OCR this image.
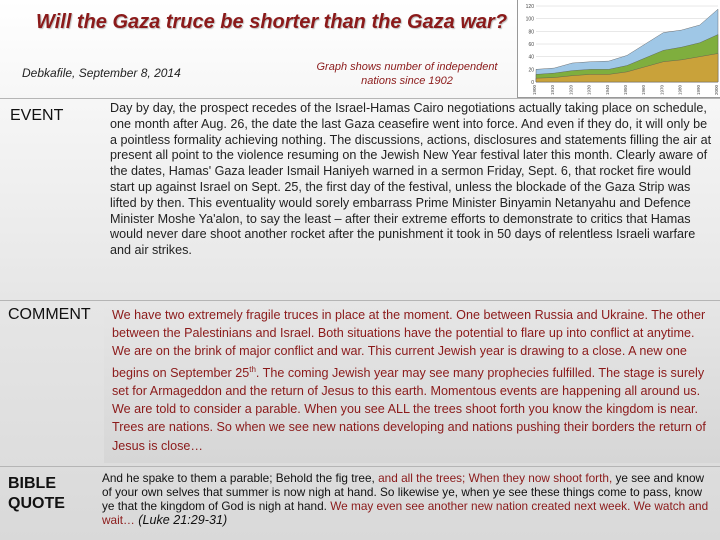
Will the Gaza truce be shorter than the Gaza war?
Debkafile, September 8, 2014	Graph shows number of independent nations since 1902	0
20
40
60
80
100
120
1900	1910	1920	1930	1940	1950	1960	1970	1980	1990	2000
EVENT	Day by day, the prospect recedes of the Israel-Hamas Cairo negotiations actually taking place on schedule, one month after Aug. 26, the date the last Gaza ceasefire went into force. And even if they do, it will only be a pointless formality achieving nothing. The discussions, actions, disclosures and statements filling the air at present all point to the violence resuming on the Jewish New Year festival later this month. Clearly aware of the dates, Hamas' Gaza leader Ismail Haniyeh warned in a sermon Friday, Sept. 6, that rocket fire would start up against Israel on Sept. 25, the first day of the festival, unless the blockade of the Gaza Strip was lifted by then. This eventuality would sorely embarrass Prime Minister Binyamin Netanyahu and Defence Minister Moshe Ya'alon, to say the least – after their extreme efforts to demonstrate to critics that Hamas would never dare shoot another rocket after the punishment it took in 50 days of relentless Israeli warfare and air strikes.
COMMENT We have two extremely fragile truces in place at the moment. One between Russia and Ukraine. The other between the Palestinians and Israel. Both situations have the potential to flare up into conflict at anytime. We are on the brink of major conflict and war. This current Jewish year is drawing to a close. A new one begins on September 25th. The coming Jewish year may see many prophecies fulfilled. The stage is surely set for Armageddon and the return of Jesus to this earth. Momentous events are happening all around us. We are told to consider a parable. When you see ALL the trees shoot forth you know the kingdom is near. Trees are nations. So when we see new nations developing and nations pushing their borders the return of Jesus is close…
BIBLE
QUOTE
And he spake to them a parable; Behold the fig tree, and all the trees; When they now shoot forth, ye see and know of your own selves that summer is now nigh at hand. So likewise ye, when ye see these things come to pass, know ye that the kingdom of God is nigh at hand. We may even see another new nation created next week. We watch and wait… (Luke 21:29-31)
